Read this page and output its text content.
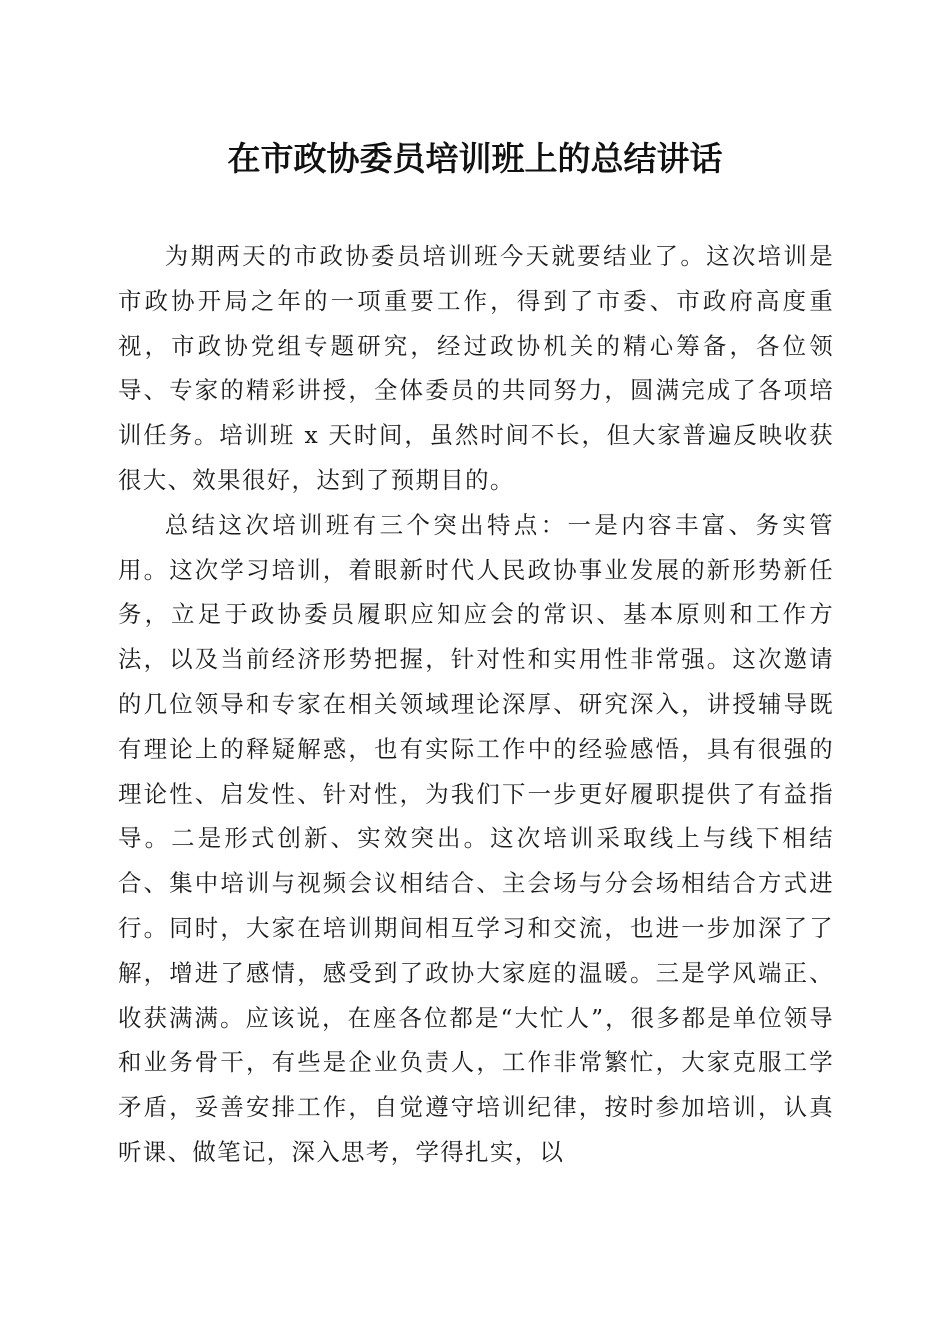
在市政协委员培训班上的总结讲话

为期两天的市政协委员培训班今天就要结业了。这次培训是市政协开局之年的一项重要工作，得到了市委、市政府高度重视，市政协党组专题研究，经过政协机关的精心筹备，各位领导、专家的精彩讲授，全体委员的共同努力，圆满完成了各项培训任务。培训班 x 天时间，虽然时间不长，但大家普遍反映收获很大、效果很好，达到了预期目的。

总结这次培训班有三个突出特点：一是内容丰富、务实管用。这次学习培训，着眼新时代人民政协事业发展的新形势新任务，立足于政协委员履职应知应会的常识、基本原则和工作方法，以及当前经济形势把握，针对性和实用性非常强。这次邀请的几位领导和专家在相关领域理论深厚、研究深入，讲授辅导既有理论上的释疑解惑，也有实际工作中的经验感悟，具有很强的理论性、启发性、针对性，为我们下一步更好履职提供了有益指导。二是形式创新、实效突出。这次培训采取线上与线下相结合、集中培训与视频会议相结合、主会场与分会场相结合方式进行。同时，大家在培训期间相互学习和交流，也进一步加深了了解，增进了感情，感受到了政协大家庭的温暖。三是学风端正、收获满满。应该说，在座各位都是“大忙人”，很多都是单位领导和业务骨干，有些是企业负责人，工作非常繁忙，大家克服工学矛盾，妥善安排工作，自觉遵守培训纪律，按时参加培训，认真听课、做笔记，深入思考，学得扎实，以
